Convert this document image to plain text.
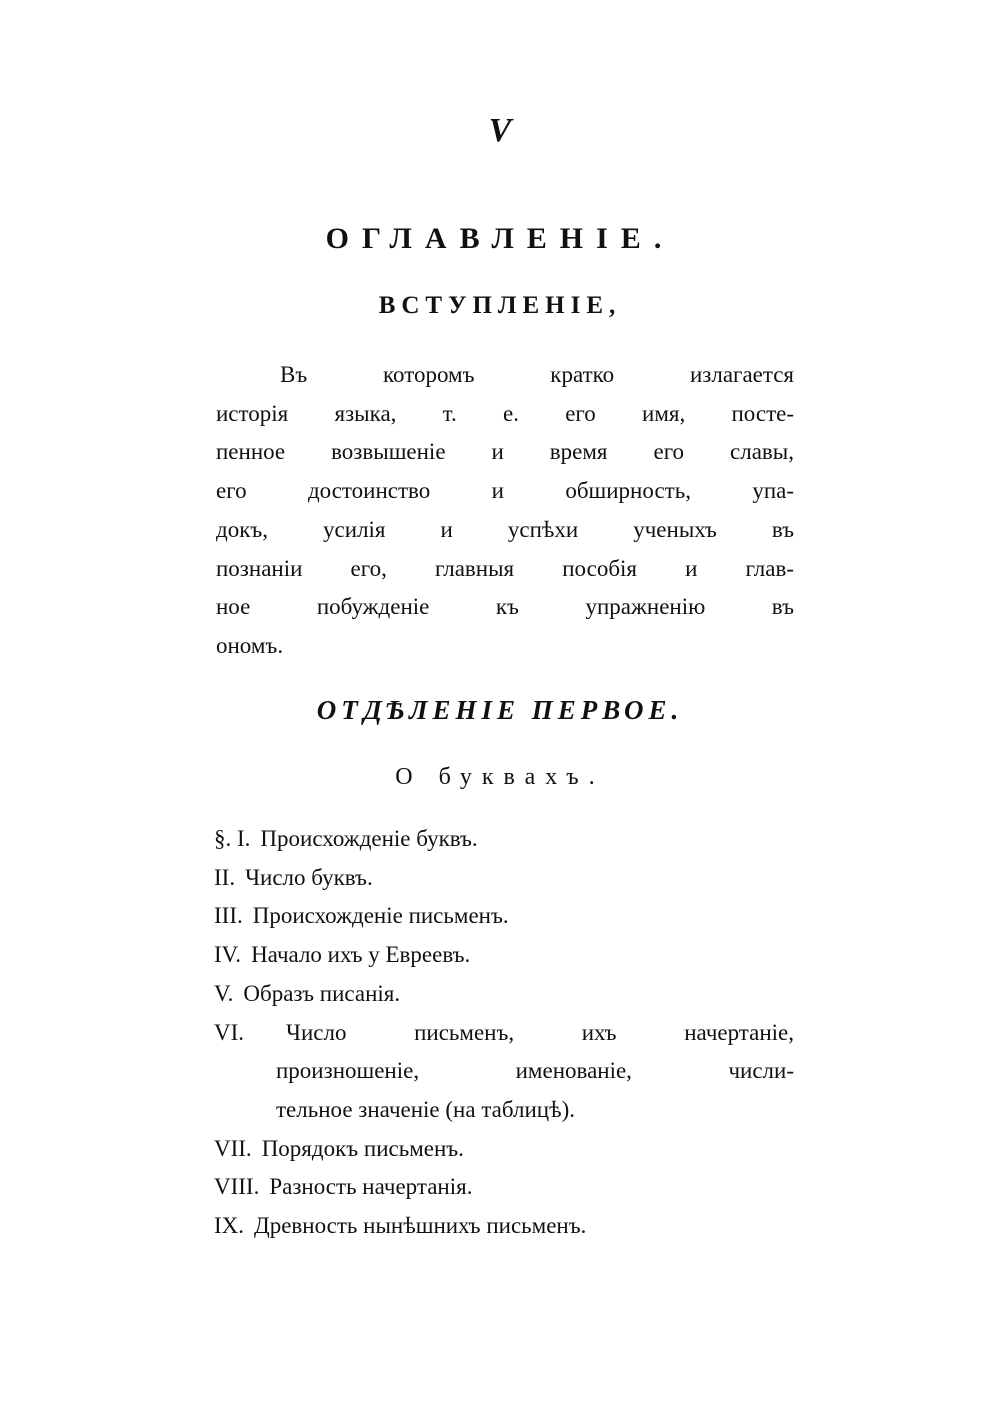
V
ОГЛАВЛЕНІЕ.
ВСТУПЛЕНІЕ,
Въ которомъ кратко излагается
исторія языка, т. е. его имя, посте-
пенное возвышеніе и время его славы,
его достоинство и обширность, упа-
докъ, усилія и успѣхи ученыхъ въ
познаніи его, главныя пособія и глав-
ное побужденіе къ упражненію въ
ономъ.
ОТДѢЛЕНІЕ ПЕРВОЕ.
О буквахъ.
§. I. Происхожденіе буквъ.
II. Число буквъ.
III. Происхожденіе письменъ.
IV. Начало ихъ у Евреевъ.
V. Образъ писанія.
VI. Число письменъ, ихъ начертаніе,
произношеніе, именованіе, числи-
тельное значеніе (на таблицѣ).
VII. Порядокъ письменъ.
VIII. Разность начертанія.
IX. Древность нынѣшнихъ письменъ.
